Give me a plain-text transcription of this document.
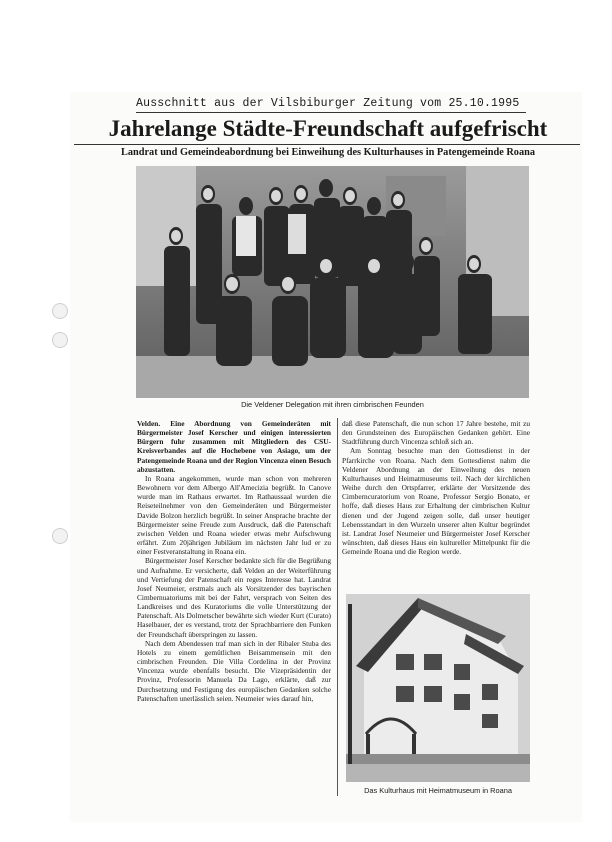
Ausschnitt aus der Vilsbiburger Zeitung vom 25.10.1995
Jahrelange Städte-Freundschaft aufgefrischt
Landrat und Gemeindeabordnung bei Einweihung des Kulturhauses in Patengemeinde Roana
Die Veldener Delegation mit ihren cimbrischen Feunden

Velden. Eine Abordnung von Gemeinderäten mit Bürgermeister Josef Kerscher und einigen interessierten Bürgern fuhr zusammen mit Mitgliedern des CSU-Kreisverbandes auf die Hochebene von Asiago, um der Patengemeinde Roana und der Region Vincenza einen Besuch abzustatten.

In Roana angekommen, wurde man schon von mehreren Bewohnern vor dem Albergo All'Amecizia begrüßt. In Canove wurde man im Rathaus erwartet. Im Rathaussaal wurden die Reiseteilnehmer von den Gemeinderäten und Bürgermeister Davide Bolzon herzlich begrüßt. In seiner Ansprache brachte der Bürgermeister seine Freude zum Ausdruck, daß die Patenschaft zwischen Velden und Roana wieder etwas mehr Aufschwung erfährt. Zum 20jährigen Jubiläum im nächsten Jahr lud er zu einer Festveranstaltung in Roana ein.

Bürgermeister Josef Kerscher bedankte sich für die Begrüßung und Aufnahme. Er versicherte, daß Velden an der Weiterführung und Vertiefung der Patenschaft ein reges Interesse hat. Landrat Josef Neumeier, erstmals auch als Vorsitzender des bayrischen Cimbernuatoriums mit bei der Fahrt, versprach von Seiten des Landkreises und des Kuratoriums die volle Unterstützung der Patenschaft. Als Dolmetscher bewährte sich wieder Kurt (Curato) Haselbauer, der es verstand, trotz der Sprachbarriere den Funken der Freundschaft überspringen zu lassen.

Nach dem Abendessen traf man sich in der Ribaler Stuba des Hotels zu einem gemütlichen Beisammensein mit den cimbrischen Freunden. Die Villa Cordelina in der Provinz Vincenza wurde ebenfalls besucht. Die Vizepräsidentin der Provinz, Professorin Manuela Da Lago, erklärte, daß zur Durchsetzung und Festigung des europäischen Gedanken solche Patenschaften unerlässlich seien. Neumeier wies darauf hin,

daß diese Patenschaft, die nun schon 17 Jahre bestehe, mit zu den Grundsteinen des Europäischen Gedanken gehört. Eine Stadtführung durch Vincenza schloß sich an.

Am Sonntag besuchte man den Gottesdienst in der Pfarrkirche von Roana. Nach dem Gottesdienst nahm die Veldener Abordnung an der Einweihung des neuen Kulturhauses und Heimatmuseums teil. Nach der kirchlichen Weihe durch den Ortspfarrer, erklärte der Vorsitzende des Cimberncuratorium von Roane, Professor Sergio Bonato, er hoffe, daß dieses Haus zur Erhaltung der cimbrischen Kultur dienen und der Jugend zeigen solle, daß unser heutiger Lebensstandart in den Wurzeln unserer alten Kultur begründet ist. Landrat Josef Neumeier und Bürgermeister Josef Kerscher wünschten, daß dieses Haus ein kultureller Mittelpunkt für die Gemeinde Roana und die Region werde.

Das Kulturhaus mit Heimatmuseum in Roana
